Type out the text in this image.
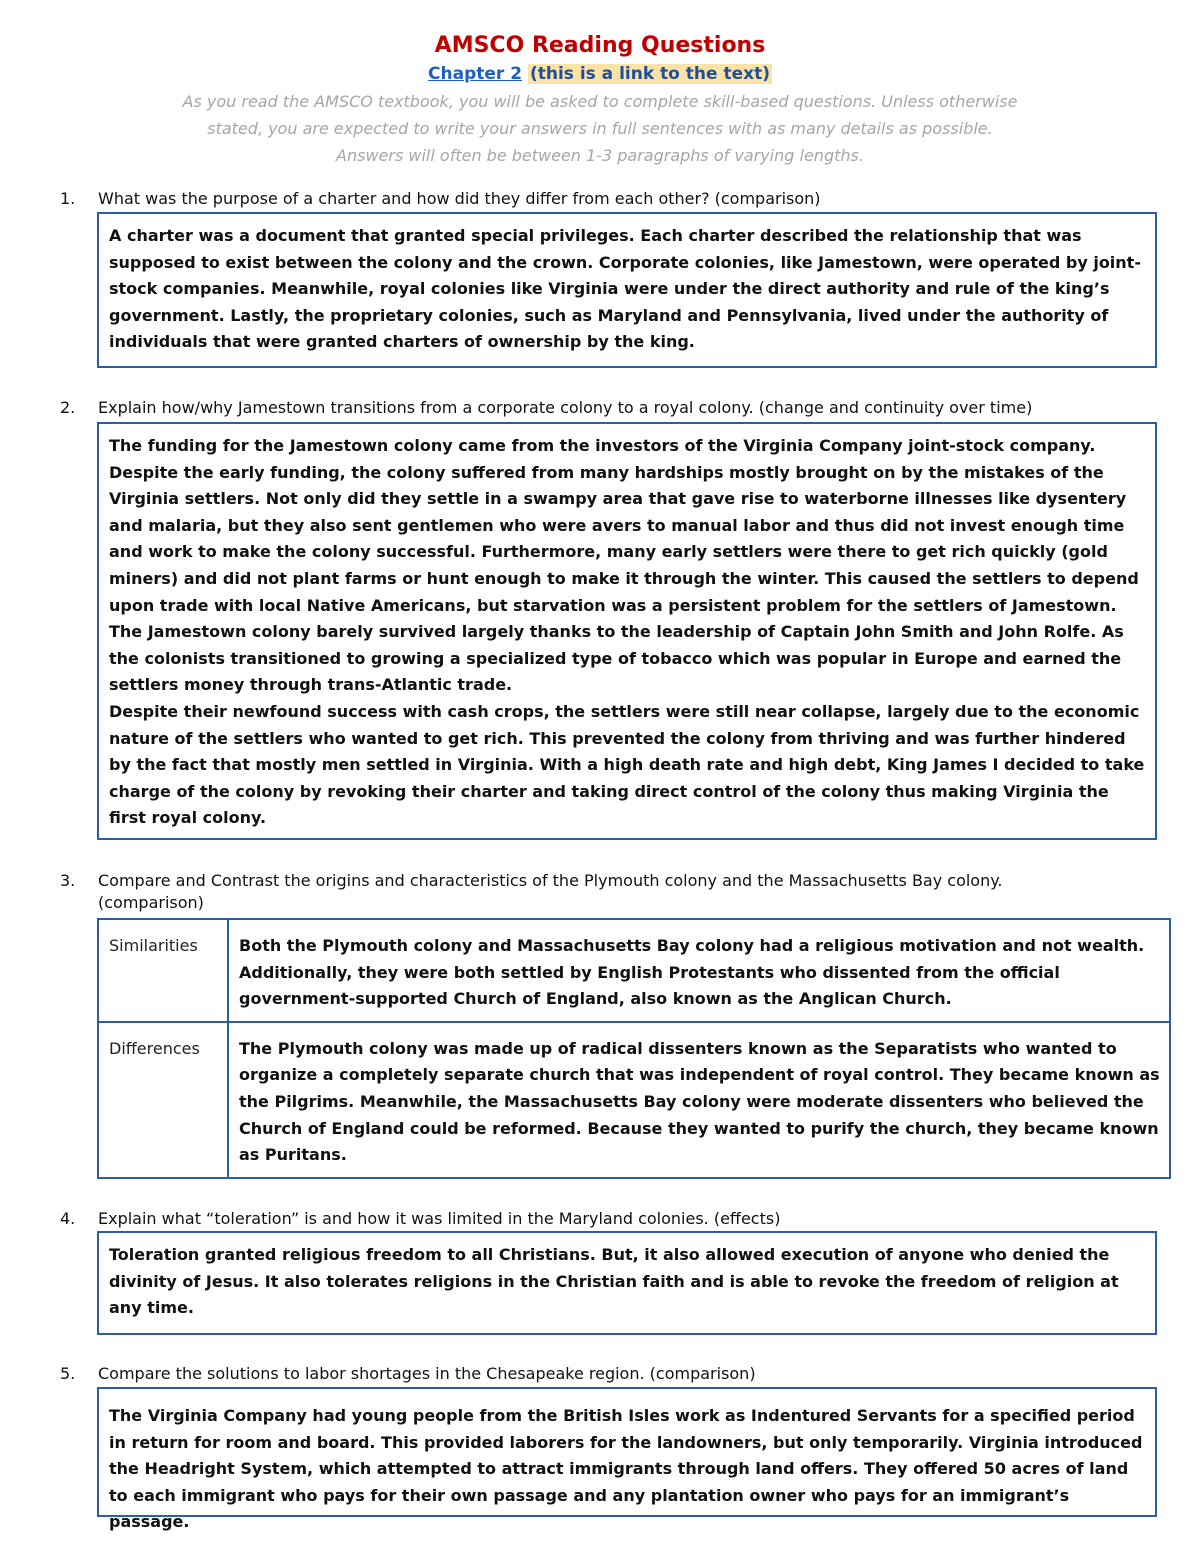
AMSCO Reading Questions
Chapter 2 (this is a link to the text)
As you read the AMSCO textbook, you will be asked to complete skill-based questions. Unless otherwise stated, you are expected to write your answers in full sentences with as many details as possible. Answers will often be between 1-3 paragraphs of varying lengths.
1. What was the purpose of a charter and how did they differ from each other? (comparison)

A charter was a document that granted special privileges. Each charter described the relationship that was supposed to exist between the colony and the crown. Corporate colonies, like Jamestown, were operated by joint-stock companies. Meanwhile, royal colonies like Virginia were under the direct authority and rule of the king’s government. Lastly, the proprietary colonies, such as Maryland and Pennsylvania, lived under the authority of individuals that were granted charters of ownership by the king.

2. Explain how/why Jamestown transitions from a corporate colony to a royal colony. (change and continuity over time)

The funding for the Jamestown colony came from the investors of the Virginia Company joint-stock company. Despite the early funding, the colony suffered from many hardships mostly brought on by the mistakes of the Virginia settlers. Not only did they settle in a swampy area that gave rise to waterborne illnesses like dysentery and malaria, but they also sent gentlemen who were avers to manual labor and thus did not invest enough time and work to make the colony successful. Furthermore, many early settlers were there to get rich quickly (gold miners) and did not plant farms or hunt enough to make it through the winter. This caused the settlers to depend upon trade with local Native Americans, but starvation was a persistent problem for the settlers of Jamestown.

The Jamestown colony barely survived largely thanks to the leadership of Captain John Smith and John Rolfe. As the colonists transitioned to growing a specialized type of tobacco which was popular in Europe and earned the settlers money through trans-Atlantic trade.

Despite their newfound success with cash crops, the settlers were still near collapse, largely due to the economic nature of the settlers who wanted to get rich. This prevented the colony from thriving and was further hindered by the fact that mostly men settled in Virginia. With a high death rate and high debt, King James I decided to take charge of the colony by revoking their charter and taking direct control of the colony thus making Virginia the first royal colony.

3. Compare and Contrast the origins and characteristics of the Plymouth colony and the Massachusetts Bay colony. (comparison)
Similarities	Both the Plymouth colony and Massachusetts Bay colony had a religious motivation and not wealth. Additionally, they were both settled by English Protestants who dissented from the official government-supported Church of England, also known as the Anglican Church.
Differences	The Plymouth colony was made up of radical dissenters known as the Separatists who wanted to organize a completely separate church that was independent of royal control. They became known as the Pilgrims. Meanwhile, the Massachusetts Bay colony were moderate dissenters who believed the Church of England could be reformed. Because they wanted to purify the church, they became known as Puritans.
4. Explain what “toleration” is and how it was limited in the Maryland colonies. (effects)

Toleration granted religious freedom to all Christians. But, it also allowed execution of anyone who denied the divinity of Jesus. It also tolerates religions in the Christian faith and is able to revoke the freedom of religion at any time.

5. Compare the solutions to labor shortages in the Chesapeake region. (comparison)

The Virginia Company had young people from the British Isles work as Indentured Servants for a specified period in return for room and board. This provided laborers for the landowners, but only temporarily. Virginia introduced the Headright System, which attempted to attract immigrants through land offers. They offered 50 acres of land to each immigrant who pays for their own passage and any plantation owner who pays for an immigrant’s passage.
